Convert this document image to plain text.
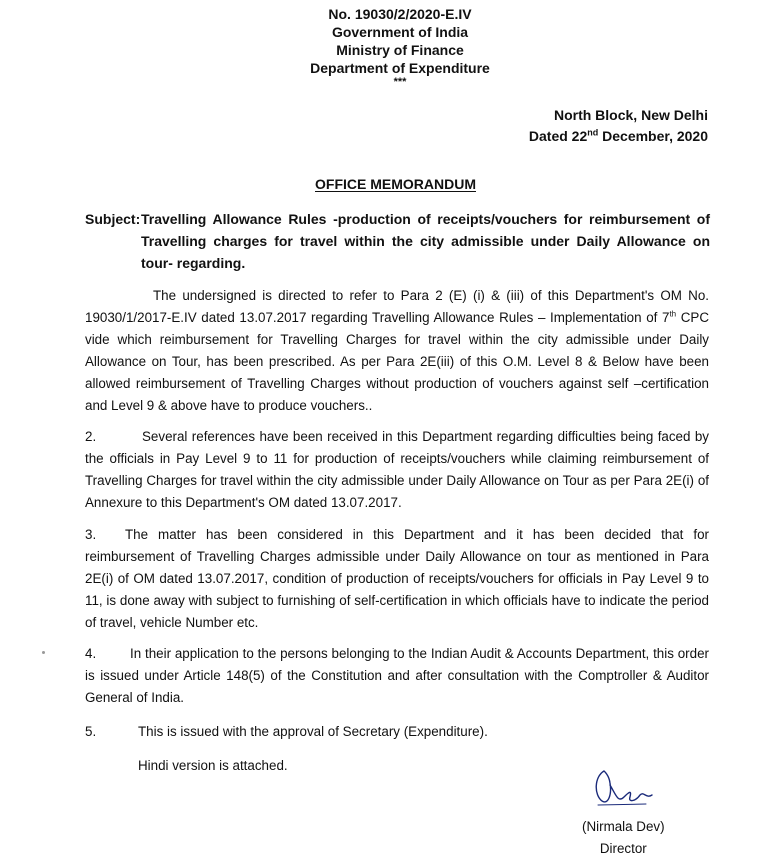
No. 19030/2/2020-E.IV
Government of India
Ministry of Finance
Department of Expenditure
***
North Block, New Delhi
Dated 22nd December, 2020
OFFICE MEMORANDUM
Subject: Travelling Allowance Rules -production of receipts/vouchers for reimbursement of Travelling charges for travel within the city admissible under Daily Allowance on tour- regarding.
The undersigned is directed to refer to Para 2 (E) (i) & (iii) of this Department's OM No. 19030/1/2017-E.IV dated 13.07.2017 regarding Travelling Allowance Rules – Implementation of 7th CPC vide which reimbursement for Travelling Charges for travel within the city admissible under Daily Allowance on Tour, has been prescribed. As per Para 2E(iii) of this O.M. Level 8 & Below have been allowed reimbursement of Travelling Charges without production of vouchers against self –certification and Level 9 & above have to produce vouchers..
2.	Several references have been received in this Department regarding difficulties being faced by the officials in Pay Level 9 to 11 for production of receipts/vouchers while claiming reimbursement of Travelling Charges for travel within the city admissible under Daily Allowance on Tour as per Para 2E(i) of Annexure to this Department's OM dated 13.07.2017.
3. The matter has been considered in this Department and it has been decided that for reimbursement of Travelling Charges admissible under Daily Allowance on tour as mentioned in Para 2E(i) of OM dated 13.07.2017, condition of production of receipts/vouchers for officials in Pay Level 9 to 11, is done away with subject to furnishing of self-certification in which officials have to indicate the period of travel, vehicle Number etc.
4.	In their application to the persons belonging to the Indian Audit & Accounts Department, this order is issued under Article 148(5) of the Constitution and after consultation with the Comptroller & Auditor General of India.
5.	This is issued with the approval of Secretary (Expenditure).
Hindi version is attached.
(Nirmala Dev)
Director
